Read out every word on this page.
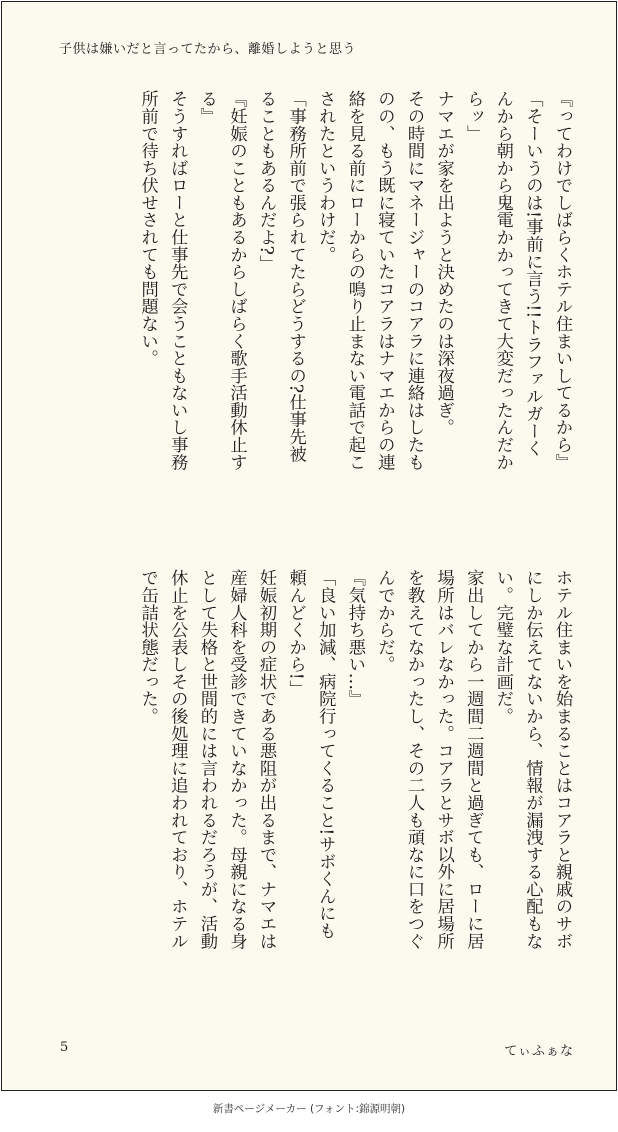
子供は嫌いだと言ってたから、離婚しようと思う
『ってわけでしばらくホテル住まいしてるから』
「そーいうのは!事前に言う!!トラファルガーく
んから朝から鬼電かかってきて大変だったんだか
らッ」
ナマエが家を出ようと決めたのは深夜過ぎ。
その時間にマネージャーのコアラに連絡はしたも
のの、もう既に寝ていたコアラはナマエからの連
絡を見る前にローからの鳴り止まない電話で起こ
されたというわけだ。
「事務所前で張られてたらどうするの?仕事先被
ることもあるんだよ?」
『妊娠のこともあるからしばらく歌手活動休止す
る』
そうすればローと仕事先で会うこともないし事務
所前で待ち伏せされても問題ない。
ホテル住まいを始まることはコアラと親戚のサボ
にしか伝えてないから、情報が漏洩する心配もな
い。完璧な計画だ。
家出してから一週間二週間と過ぎても、ローに居
場所はバレなかった。コアラとサボ以外に居場所
を教えてなかったし、その二人も頑なに口をつぐ
んでからだ。
『気持ち悪い…』
「良い加減、病院行ってくること!サボくんにも
頼んどくから!」
妊娠初期の症状である悪阻が出るまで、ナマエは
産婦人科を受診できていなかった。母親になる身
として失格と世間的には言われるだろうが、活動
休止を公表しその後処理に追われており、ホテル
で缶詰状態だった。
5	てぃふぁな
新書ページメーカー (フォント:錦源明朝)
